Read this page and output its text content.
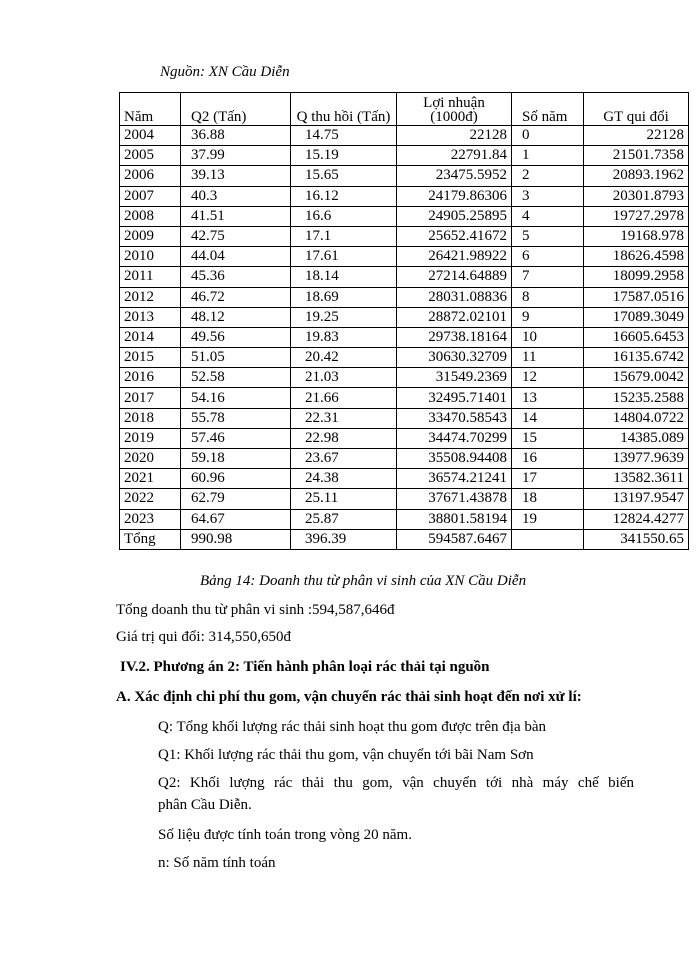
Nguồn: XN Cầu Diễn
Năm	Q2 (Tấn)	Q thu hồi (Tấn)	Lợi nhuận (1000đ)	Số năm	GT qui đổi
2004	36.88	14.75	22128	0	22128
2005	37.99	15.19	22791.84	1	21501.7358
2006	39.13	15.65	23475.5952	2	20893.1962
2007	40.3	16.12	24179.86306	3	20301.8793
2008	41.51	16.6	24905.25895	4	19727.2978
2009	42.75	17.1	25652.41672	5	19168.978
2010	44.04	17.61	26421.98922	6	18626.4598
2011	45.36	18.14	27214.64889	7	18099.2958
2012	46.72	18.69	28031.08836	8	17587.0516
2013	48.12	19.25	28872.02101	9	17089.3049
2014	49.56	19.83	29738.18164	10	16605.6453
2015	51.05	20.42	30630.32709	11	16135.6742
2016	52.58	21.03	31549.2369	12	15679.0042
2017	54.16	21.66	32495.71401	13	15235.2588
2018	55.78	22.31	33470.58543	14	14804.0722
2019	57.46	22.98	34474.70299	15	14385.089
2020	59.18	23.67	35508.94408	16	13977.9639
2021	60.96	24.38	36574.21241	17	13582.3611
2022	62.79	25.11	37671.43878	18	13197.9547
2023	64.67	25.87	38801.58194	19	12824.4277
Tổng	990.98	396.39	594587.6467		341550.65
Bảng 14: Doanh thu từ phân vi sinh của XN Cầu Diễn
Tổng doanh thu từ phân vi sinh :594,587,646đ
Giá trị qui đổi: 314,550,650đ
IV.2. Phương án 2: Tiến hành phân loại rác thải tại nguồn
A. Xác định chi phí thu gom, vận chuyển rác thải sinh hoạt đến nơi xử lí:
Q: Tổng khối lượng rác thải sinh hoạt thu gom được trên địa bàn
Q1: Khối lượng rác thải thu gom, vận chuyển tới bãi Nam Sơn
Q2: Khối lượng rác thải thu gom, vận chuyển tới nhà máy chế biến
phân Cầu Diễn.
Số liệu được tính toán trong vòng 20 năm.
n: Số năm tính toán
